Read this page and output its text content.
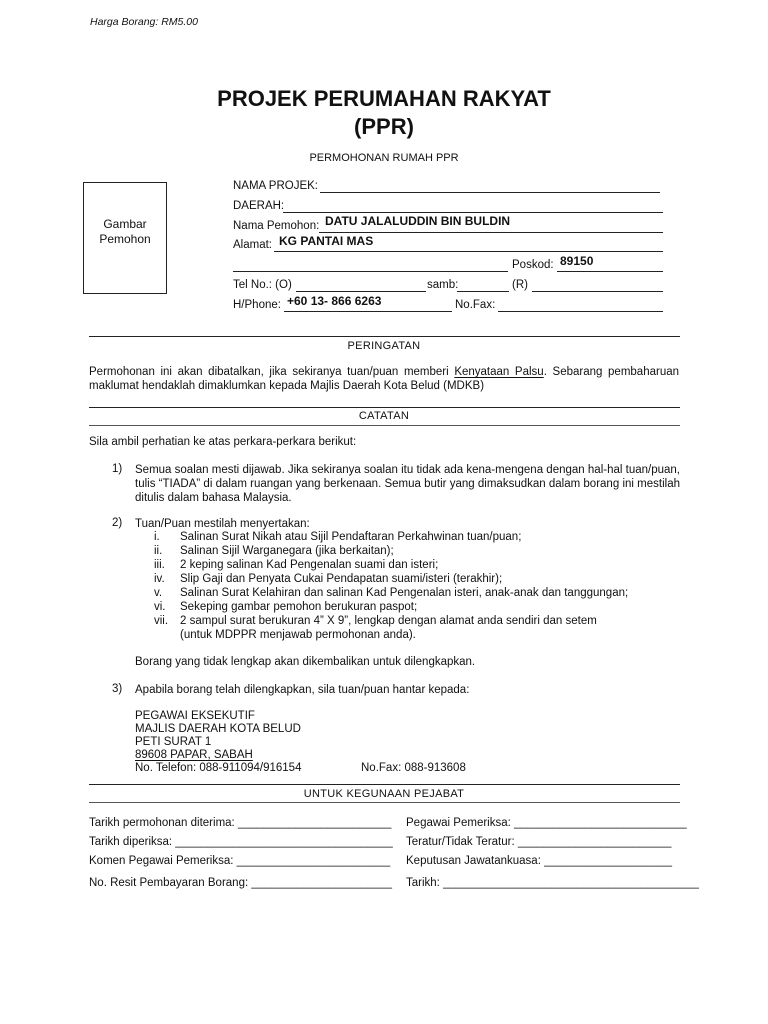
Harga Borang: RM5.00
PROJEK PERUMAHAN RAKYAT
(PPR)
PERMOHONAN RUMAH PPR
Gambar
Pemohon
NAMA PROJEK:
DAERAH:
Nama Pemohon: DATU JALALUDDIN BIN BULDIN
Alamat: KG PANTAI MAS
Poskod: 89150
Tel No.: (O)	samb:	(R)
H/Phone: +60 13- 866 6263	No.Fax:
PERINGATAN
Permohonan ini akan dibatalkan, jika sekiranya tuan/puan memberi Kenyataan Palsu. Sebarang pembaharuan maklumat hendaklah dimaklumkan kepada Majlis Daerah Kota Belud (MDKB)
CATATAN
Sila ambil perhatian ke atas perkara-perkara berikut:
1) Semua soalan mesti dijawab. Jika sekiranya soalan itu tidak ada kena-mengena dengan hal-hal tuan/puan, tulis “TIADA” di dalam ruangan yang berkenaan. Semua butir yang dimaksudkan dalam borang ini mestilah ditulis dalam bahasa Malaysia.
2) Tuan/Puan mestilah menyertakan:
i.	Salinan Surat Nikah atau Sijil Pendaftaran Perkahwinan tuan/puan;
ii.	Salinan Sijil Warganegara (jika berkaitan);
iii.	2 keping salinan Kad Pengenalan suami dan isteri;
iv.	Slip Gaji dan Penyata Cukai Pendapatan suami/isteri (terakhir);
v.	Salinan Surat Kelahiran dan salinan Kad Pengenalan isteri, anak-anak dan tanggungan;
vi.	Sekeping gambar pemohon berukuran paspot;
vii.	2 sampul surat berukuran 4” X 9”, lengkap dengan alamat anda sendiri dan setem
(untuk MDPPR menjawab permohonan anda).
Borang yang tidak lengkap akan dikembalikan untuk dilengkapkan.
3) Apabila borang telah dilengkapkan, sila tuan/puan hantar kepada:
PEGAWAI EKSEKUTIF
MAJLIS DAERAH KOTA BELUD
PETI SURAT 1
89608 PAPAR, SABAH
No. Telefon: 088-911094/916154	No.Fax: 088-913608
UNTUK KEGUNAAN PEJABAT
Tarikh permohonan diterima: ________________________
Tarikh diperiksa: __________________________________
Komen Pegawai Pemeriksa: ________________________
No. Resit Pembayaran Borang: ______________________
Pegawai Pemeriksa: ___________________________
Teratur/Tidak Teratur: ________________________
Keputusan Jawatankuasa: ____________________
Tarikh: ________________________________________
